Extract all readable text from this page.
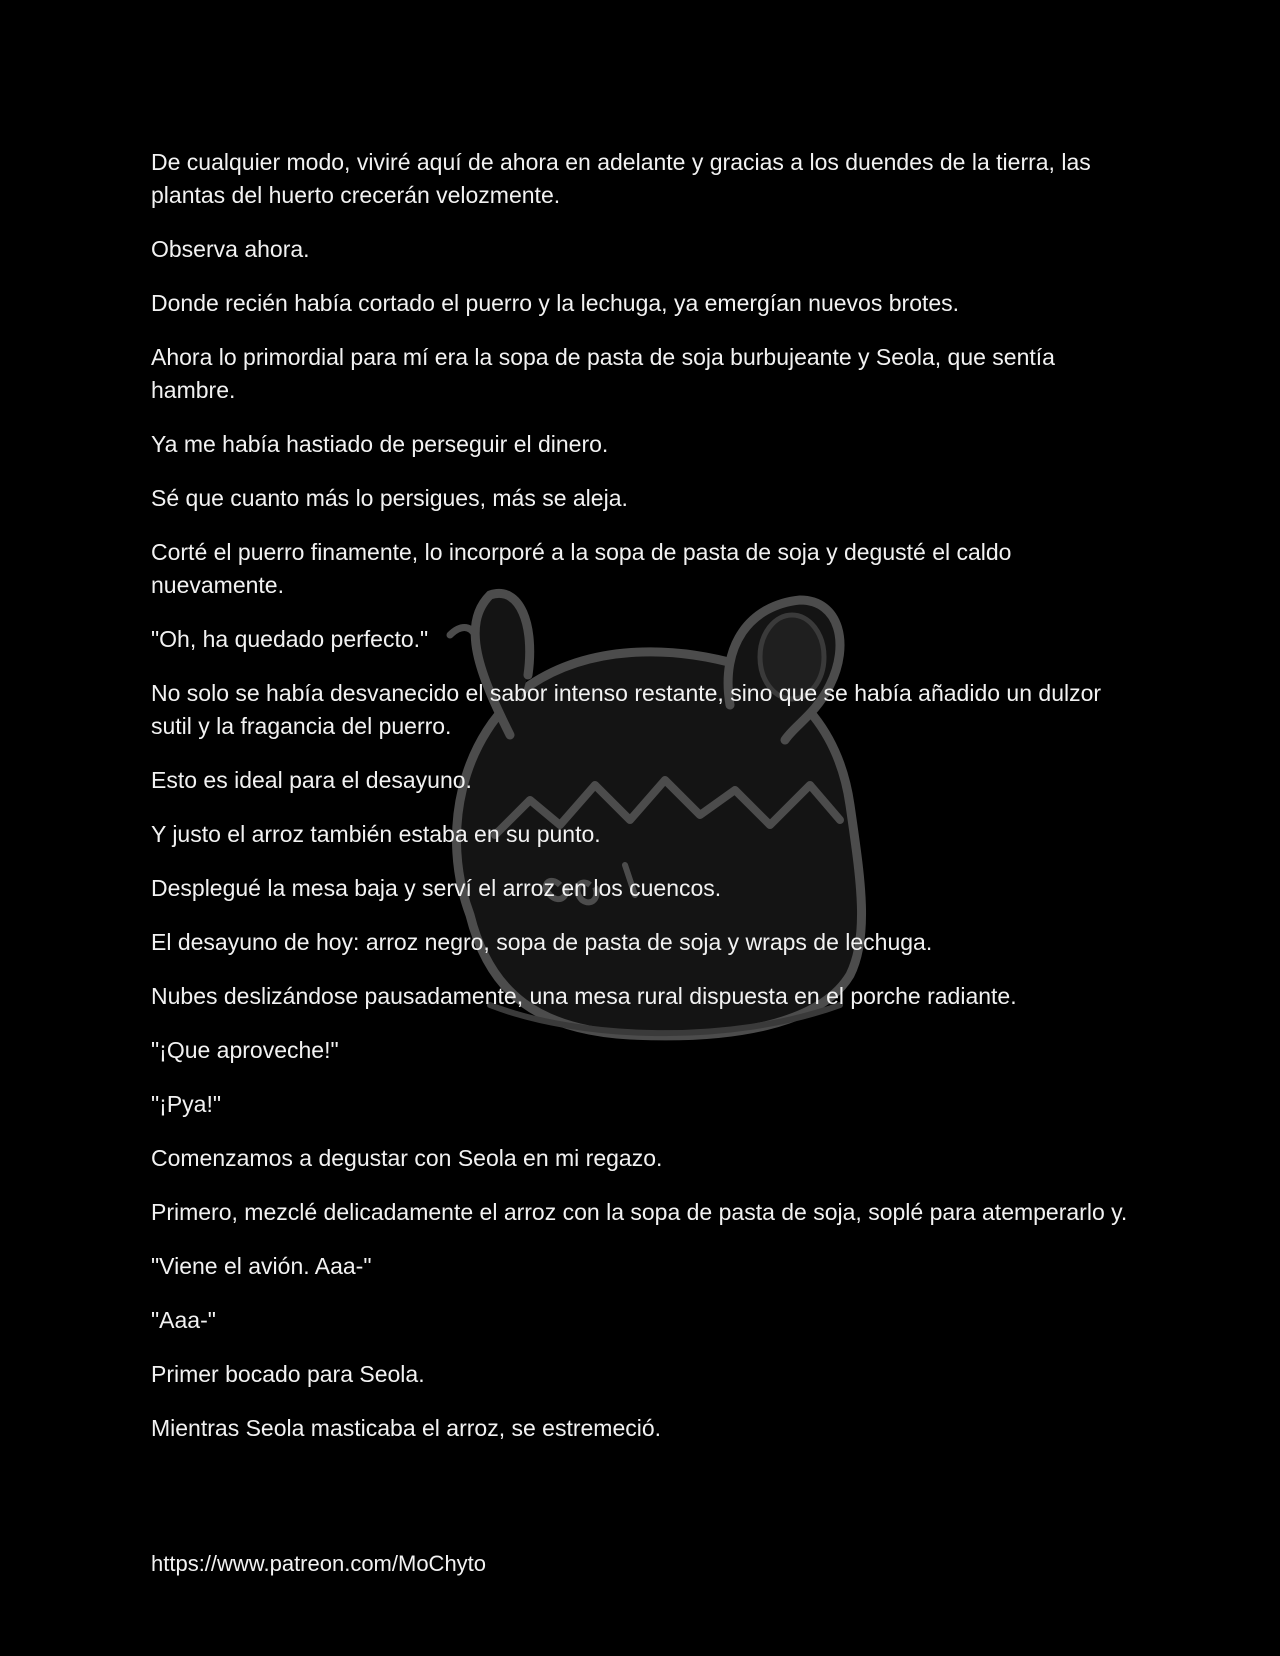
De cualquier modo, viviré aquí de ahora en adelante y gracias a los duendes de la tierra, las plantas del huerto crecerán velozmente.

Observa ahora.

Donde recién había cortado el puerro y la lechuga, ya emergían nuevos brotes.

Ahora lo primordial para mí era la sopa de pasta de soja burbujeante y Seola, que sentía hambre.

Ya me había hastiado de perseguir el dinero.

Sé que cuanto más lo persigues, más se aleja.

Corté el puerro finamente, lo incorporé a la sopa de pasta de soja y degusté el caldo nuevamente.

"Oh, ha quedado perfecto."

No solo se había desvanecido el sabor intenso restante, sino que se había añadido un dulzor sutil y la fragancia del puerro.

Esto es ideal para el desayuno.

Y justo el arroz también estaba en su punto.

Desplegué la mesa baja y serví el arroz en los cuencos.

El desayuno de hoy: arroz negro, sopa de pasta de soja y wraps de lechuga.

Nubes deslizándose pausadamente, una mesa rural dispuesta en el porche radiante.

"¡Que aproveche!"

"¡Pya!"

Comenzamos a degustar con Seola en mi regazo.

Primero, mezclé delicadamente el arroz con la sopa de pasta de soja, soplé para atemperarlo y.

"Viene el avión. Aaa-"

"Aaa-"

Primer bocado para Seola.

Mientras Seola masticaba el arroz, se estremeció.

https://www.patreon.com/MoChyto
